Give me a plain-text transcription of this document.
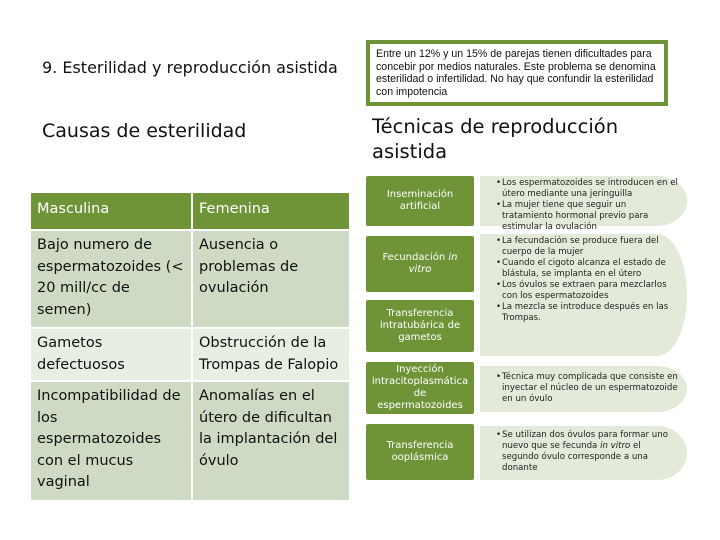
9. Esterilidad y reproducción asistida
Entre un 12% y un 15% de parejas tienen dificultades para concebir por medios naturales. Este problema se denomina esterilidad o infertilidad. No hay que confundir la esterilidad con impotencia
Causas de esterilidad	Técnicas de reproducción asistida
Masculina	Femenina
Bajo numero de espermatozoides (< 20 mill/cc de semen)	Ausencia o problemas de ovulación
Gametos defectuosos	Obstrucción de la Trompas de Falopio
Incompatibilidad de los espermatozoides con el mucus vaginal	Anomalías en el útero de dificultan la implantación del óvulo
Inseminación artificial
Fecundación in vitro
Transferencia intratubárica de gametos
Inyección intracitoplasmática de espermatozoides
Transferencia ooplásmica
• Los espermatozoides se introducen en el útero mediante una jeringuilla
• La mujer tiene que seguir un tratamiento hormonal previo para estimular la ovulación
• La fecundación se produce fuera del cuerpo de la mujer
• Cuando el cigoto alcanza el estado de blástula, se implanta en el útero
• Los óvulos se extraen para mezclarlos con los espermatozoides
• La mezcla se introduce después en las Trompas.
• Técnica muy complicada que consiste en inyectar el núcleo de un espermatozoide en un óvulo
• Se utilizan dos óvulos para formar uno nuevo que se fecunda in vitro el segundo óvulo corresponde a una donante
